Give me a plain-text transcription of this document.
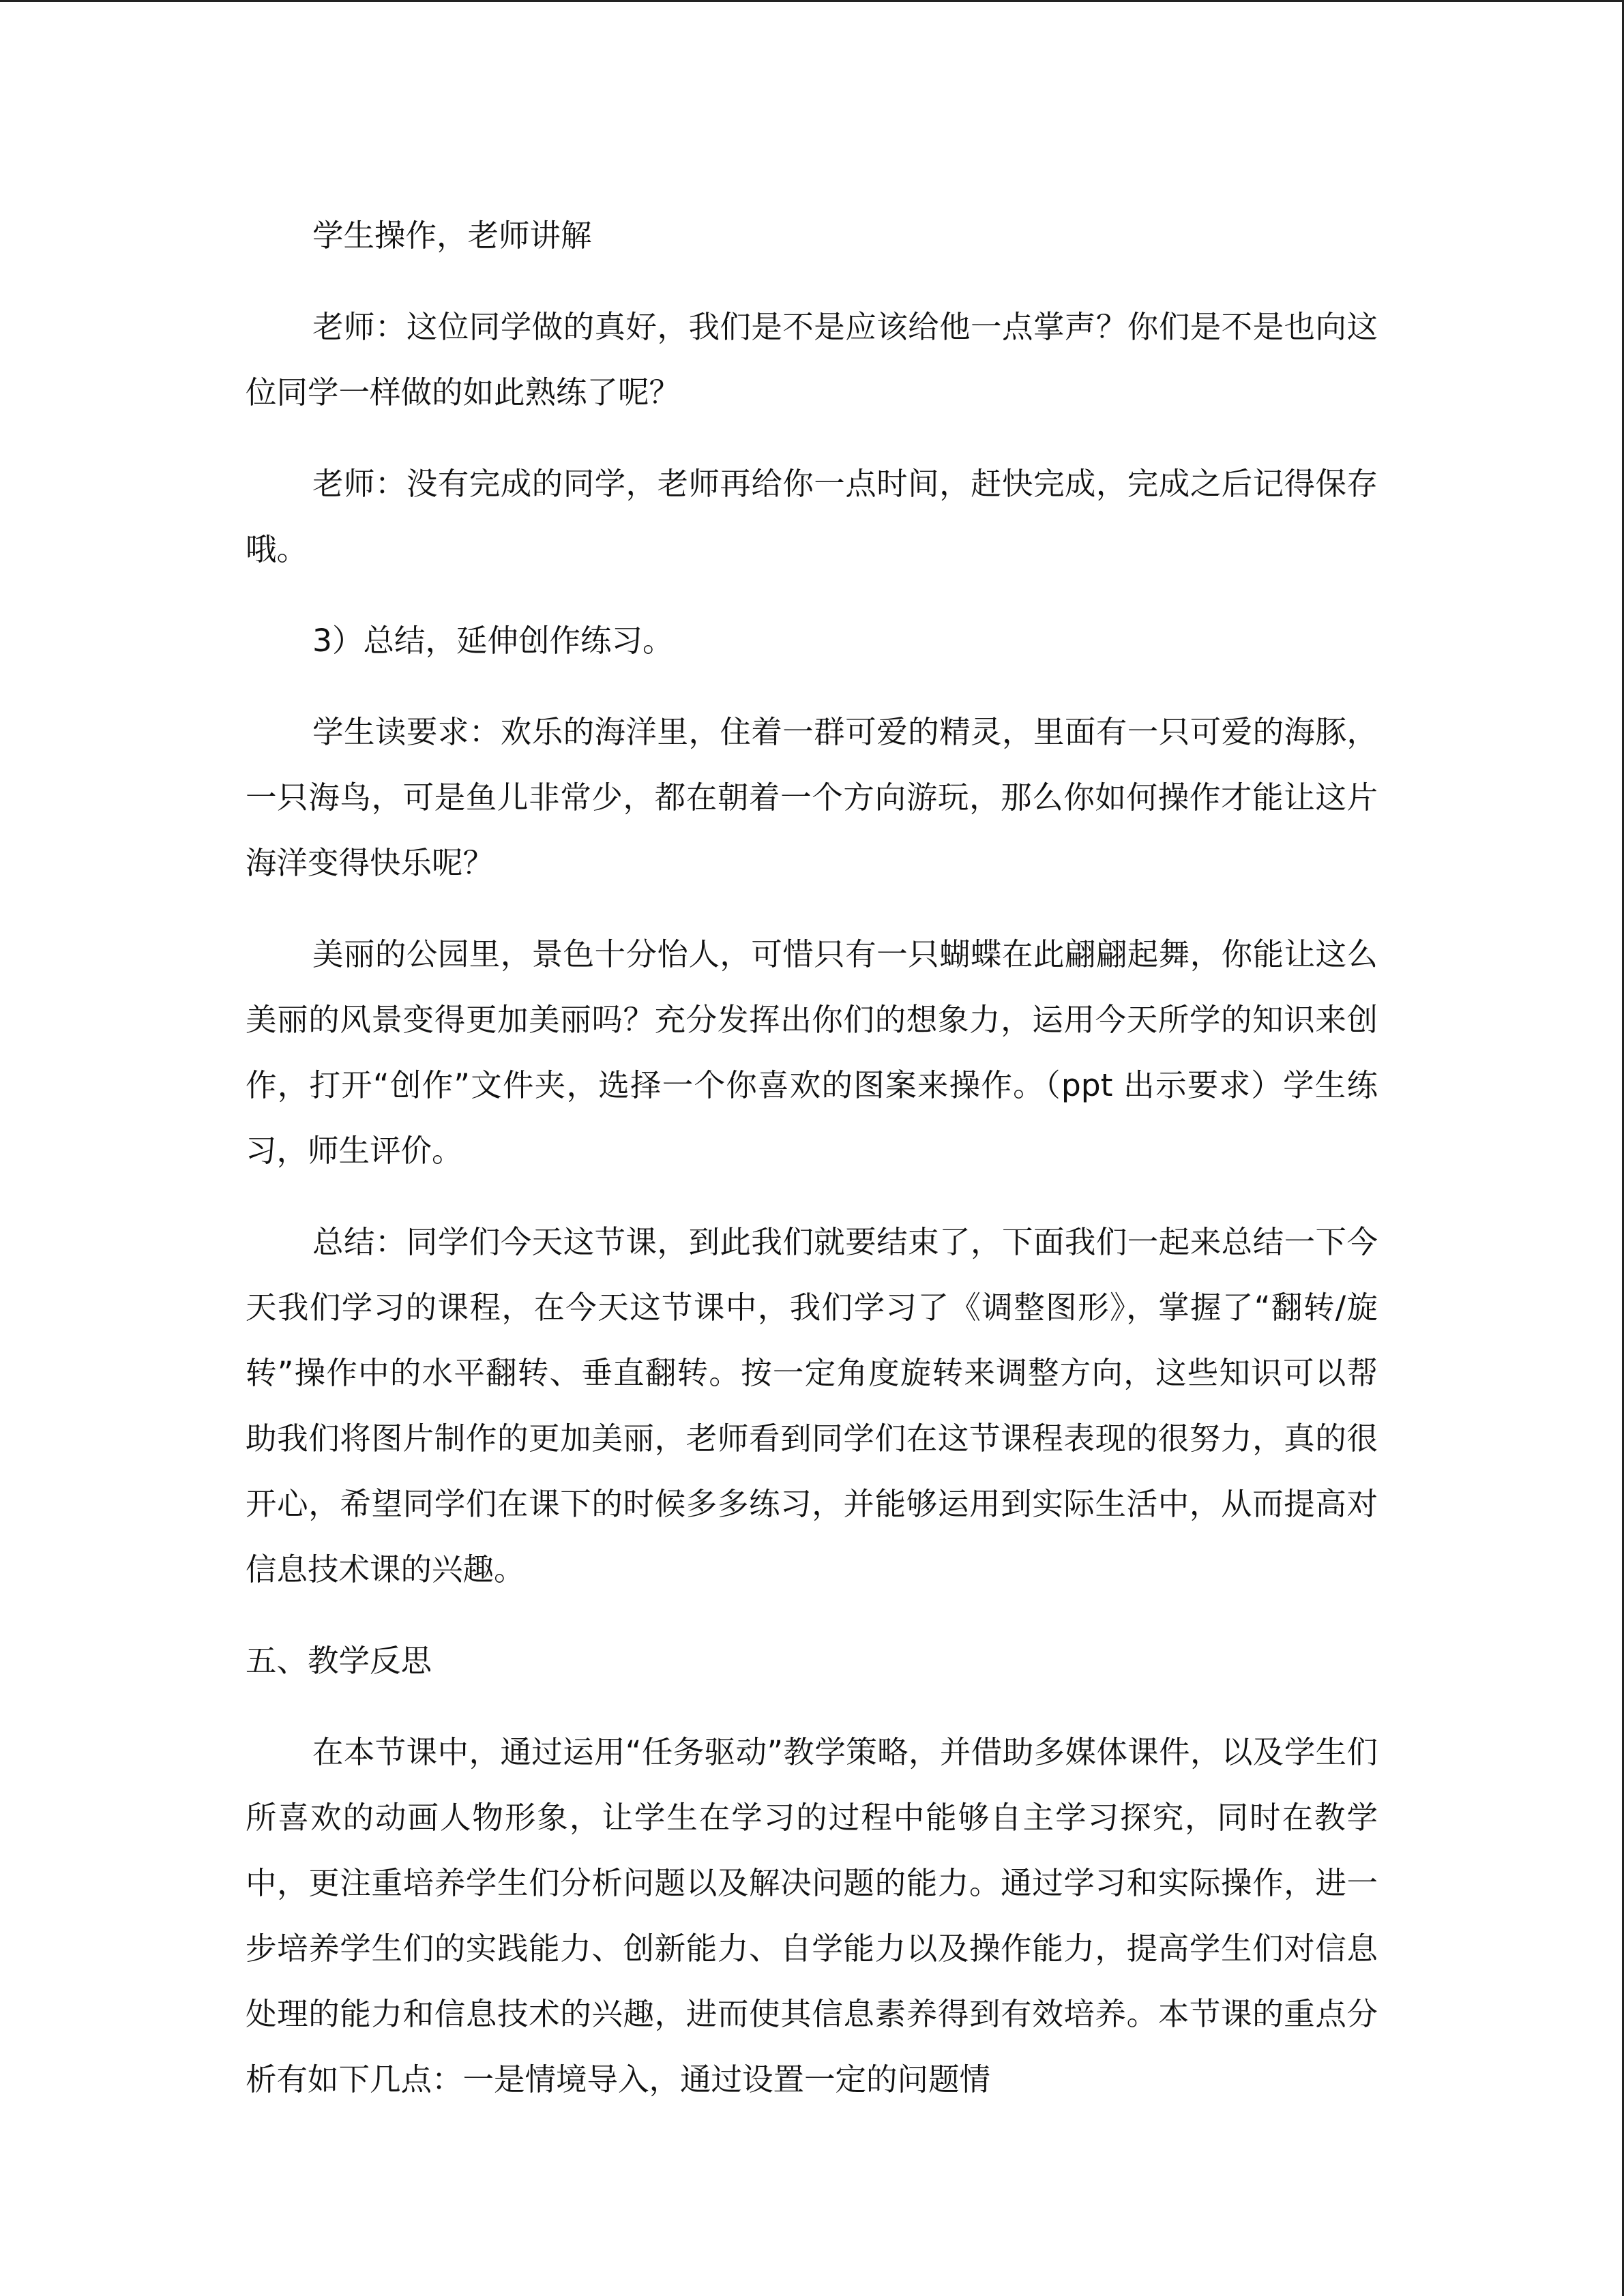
学生操作，老师讲解

老师：这位同学做的真好，我们是不是应该给他一点掌声？你们是不是也向这位同学一样做的如此熟练了呢？

老师：没有完成的同学，老师再给你一点时间，赶快完成，完成之后记得保存哦。

3）总结，延伸创作练习。

学生读要求：欢乐的海洋里，住着一群可爱的精灵，里面有一只可爱的海豚，一只海鸟，可是鱼儿非常少，都在朝着一个方向游玩，那么你如何操作才能让这片海洋变得快乐呢？

美丽的公园里，景色十分怡人，可惜只有一只蝴蝶在此翩翩起舞，你能让这么美丽的风景变得更加美丽吗？充分发挥出你们的想象力，运用今天所学的知识来创作，打开“创作”文件夹，选择一个你喜欢的图案来操作。（ppt 出示要求）学生练习，师生评价。

总结：同学们今天这节课，到此我们就要结束了，下面我们一起来总结一下今天我们学习的课程，在今天这节课中，我们学习了《调整图形》，掌握了“翻转/旋转”操作中的水平翻转、垂直翻转。按一定角度旋转来调整方向，这些知识可以帮助我们将图片制作的更加美丽，老师看到同学们在这节课程表现的很努力，真的很开心，希望同学们在课下的时候多多练习，并能够运用到实际生活中，从而提高对信息技术课的兴趣。

五、教学反思

在本节课中，通过运用“任务驱动”教学策略，并借助多媒体课件，以及学生们所喜欢的动画人物形象，让学生在学习的过程中能够自主学习探究，同时在教学中，更注重培养学生们分析问题以及解决问题的能力。通过学习和实际操作，进一步培养学生们的实践能力、创新能力、自学能力以及操作能力，提高学生们对信息处理的能力和信息技术的兴趣，进而使其信息素养得到有效培养。本节课的重点分析有如下几点：一是情境导入，通过设置一定的问题情
